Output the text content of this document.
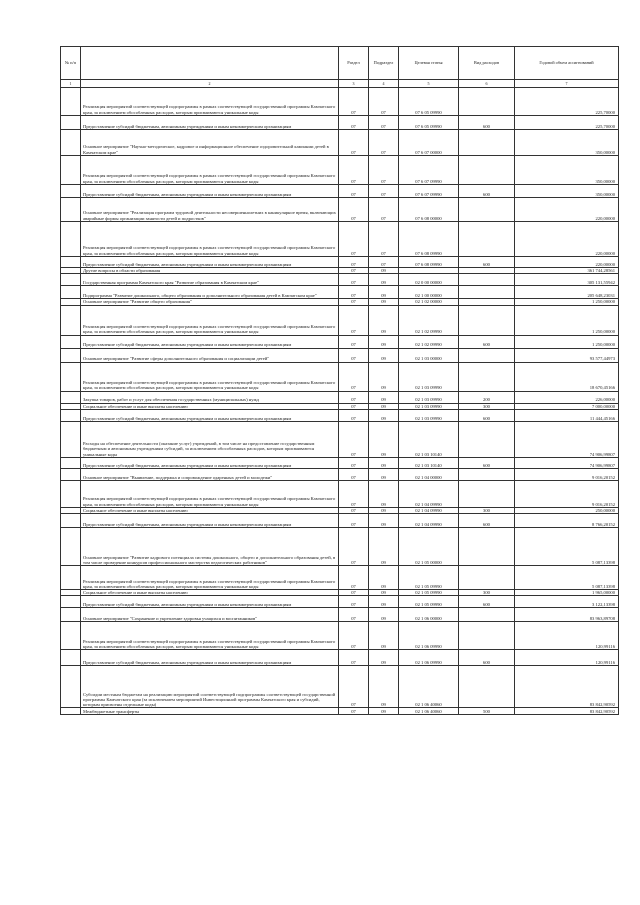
№ п/п		Раздел	Подраздел	Целевая статья	Вид расходов	Годовой объем ассигнований
1	2	3	4	5	6	7
	Реализация мероприятий соответствующей подпрограммы в рамках соответствующей государственной программы Камчатского края, за исключением обособленных расходов, которым присваиваются уникальные коды	07	07	07 6 05 09990		225,70000
	Предоставление субсидий бюджетным, автономным учреждениям и иным некоммерческим организациям	07	07	07 6 05 09990	600	225,70000
	Основное мероприятие "Научно-методическое, кадровое и информационное обеспечение оздоровительной кампании детей в Камчатском крае"	07	07	07 6 07 00000		350,00000
	Реализация мероприятий соответствующей подпрограммы в рамках соответствующей государственной программы Камчатского края, за исключением обособленных расходов, которым присваиваются уникальные коды	07	07	07 6 07 09990		350,00000
	Предоставление субсидий бюджетным, автономным учреждениям и иным некоммерческим организациям	07	07	07 6 07 09990	600	350,00000
	Основное мероприятие "Реализация программ трудовой деятельности несовершеннолетних в каникулярное время, включающих аварийные формы организации занятости детей и подростков"	07	07	07 6 08 00000		220,00000
	Реализация мероприятий соответствующей подпрограммы в рамках соответствующей государственной программы Камчатского края, за исключением обособленных расходов, которым присваиваются уникальные коды	07	07	07 6 08 09990		220,00000
	Предоставление субсидий бюджетным, автономным учреждениям и иным некоммерческим организациям	07	07	07 6 08 09990	600	220,00000
	Другие вопросы в области образования	07	09			361 744,28561
	Государственная программа Камчатского края "Развитие образования в Камчатском крае"	07	09	02 0 00 00000		305 131,55942
	Подпрограмма "Развитие дошкольного, общего образования и дополнительного образования детей в Камчатском крае"	07	09	02 1 00 00000		205 648,23031
	Основное мероприятие "Развитие общего образования"	07	09	02 1 02 00000		1 250,00000
	Реализация мероприятий соответствующей подпрограммы в рамках соответствующей государственной программы Камчатского края, за исключением обособленных расходов, которым присваиваются уникальные коды	07	09	02 1 02 09990		1 250,00000
	Предоставление субсидий бюджетным, автономным учреждениям и иным некоммерческим организациям	07	09	02 1 02 09990	600	1 250,00000
	Основное мероприятие "Развитие сферы дополнительного образования и социализации детей"	07	09	02 1 03 00000		93 577,44973
	Реализация мероприятий соответствующей подпрограммы в рамках соответствующей государственной программы Камчатского края, за исключением обособленных расходов, которым присваиваются уникальные коды	07	09	02 1 03 09990		18 670,45166
	Закупка товаров, работ и услуг для обеспечения государственных (муниципальных) нужд	07	09	02 1 03 09990	200	226,00000
	Социальное обеспечение и иные выплаты населению	07	09	02 1 03 09990	300	7 000,00000
	Предоставление субсидий бюджетным, автономным учреждениям и иным некоммерческим организациям	07	09	02 1 03 09990	600	11 444,45166
	Расходы на обеспечение деятельности (оказание услуг) учреждений, в том числе на предоставление государственным бюджетным и автономным учреждениям субсидий, за исключением обособленных расходов, которым присваиваются уникальные коды	07	09	02 1 03 10140		74 906,99807
	Предоставление субсидий бюджетным, автономным учреждениям и иным некоммерческим организациям	07	09	02 1 03 10140	600	74 906,99807
	Основное мероприятие "Выявление, поддержка и сопровождение одаренных детей и молодежи"	07	09	02 1 04 00000		9 016,20152
	Реализация мероприятий соответствующей подпрограммы в рамках соответствующей государственной программы Камчатского края, за исключением обособленных расходов, которым присваиваются уникальные коды	07	09	02 1 04 09990		9 016,20152
	Социальное обеспечение и иные выплаты населению	07	09	02 1 04 09990	300	250,00000
	Предоставление субсидий бюджетным, автономным учреждениям и иным некоммерческим организациям	07	09	02 1 04 09990	600	8 766,20152
	Основное мероприятие "Развитие кадрового потенциала системы дошкольного, общего и дополнительного образования детей, в том числе проведение конкурсов профессионального мастерства педагогических работников"	07	09	02 1 05 00000		5 087,13398
	Реализация мероприятий соответствующей подпрограммы в рамках соответствующей государственной программы Камчатского края, за исключением обособленных расходов, которым присваиваются уникальные коды	07	09	02 1 05 09990		5 087,13398
	Социальное обеспечение и иные выплаты населению	07	09	02 1 05 09990	300	1 965,00000
	Предоставление субсидий бюджетным, автономным учреждениям и иным некоммерческим организациям	07	09	02 1 05 09990	600	3 122,13398
	Основное мероприятие "Сохранение и укрепление здоровья учащихся и воспитанников"	07	09	02 1 06 00000		83 963,89708
	Реализация мероприятий соответствующей подпрограммы в рамках соответствующей государственной программы Камчатского края, за исключением обособленных расходов, которым присваиваются уникальные коды	07	09	02 1 06 09990		120,99116
	Предоставление субсидий бюджетным, автономным учреждениям и иным некоммерческим организациям	07	09	02 1 06 09990	600	120,99116
	Субсидии местным бюджетам на реализацию мероприятий соответствующей подпрограммы соответствующей государственной программы Камчатского края (за исключением мероприятий Инвестиционной программы Камчатского края и субсидий, которым присвоены отдельные коды)	07	09	02 1 06 40060		83 842,90592
	Межбюджетные трансферты	07	09	02 1 06 40060	500	83 842,90592
